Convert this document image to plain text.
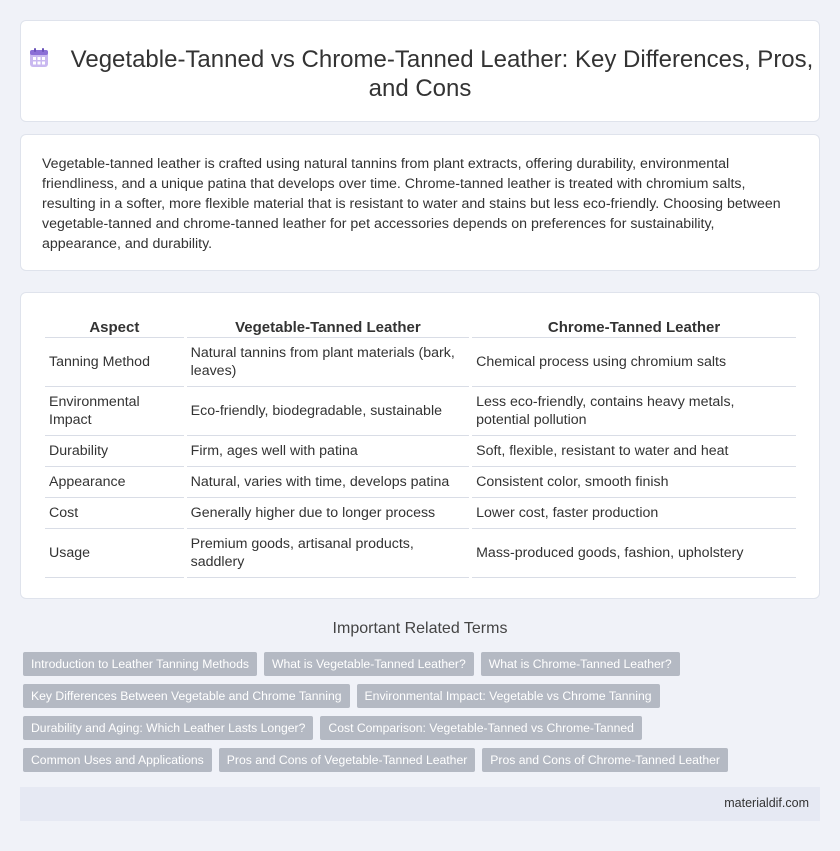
Vegetable-Tanned vs Chrome-Tanned Leather: Key Differences, Pros, and Cons

Vegetable-tanned leather is crafted using natural tannins from plant extracts, offering durability, environmental friendliness, and a unique patina that develops over time. Chrome-tanned leather is treated with chromium salts, resulting in a softer, more flexible material that is resistant to water and stains but less eco-friendly. Choosing between vegetable-tanned and chrome-tanned leather for pet accessories depends on preferences for sustainability, appearance, and durability.

Aspect	Vegetable-Tanned Leather	Chrome-Tanned Leather
Tanning Method	Natural tannins from plant materials (bark, leaves)	Chemical process using chromium salts
Environmental Impact	Eco-friendly, biodegradable, sustainable	Less eco-friendly, contains heavy metals, potential pollution
Durability	Firm, ages well with patina	Soft, flexible, resistant to water and heat
Appearance	Natural, varies with time, develops patina	Consistent color, smooth finish
Cost	Generally higher due to longer process	Lower cost, faster production
Usage	Premium goods, artisanal products, saddlery	Mass-produced goods, fashion, upholstery
Important Related Terms
Introduction to Leather Tanning Methods What is Vegetable-Tanned Leather? What is Chrome-Tanned Leather?
Key Differences Between Vegetable and Chrome Tanning Environmental Impact: Vegetable vs Chrome Tanning
Durability and Aging: Which Leather Lasts Longer? Cost Comparison: Vegetable-Tanned vs Chrome-Tanned
Common Uses and Applications Pros and Cons of Vegetable-Tanned Leather Pros and Cons of Chrome-Tanned Leather
materialdif.com
